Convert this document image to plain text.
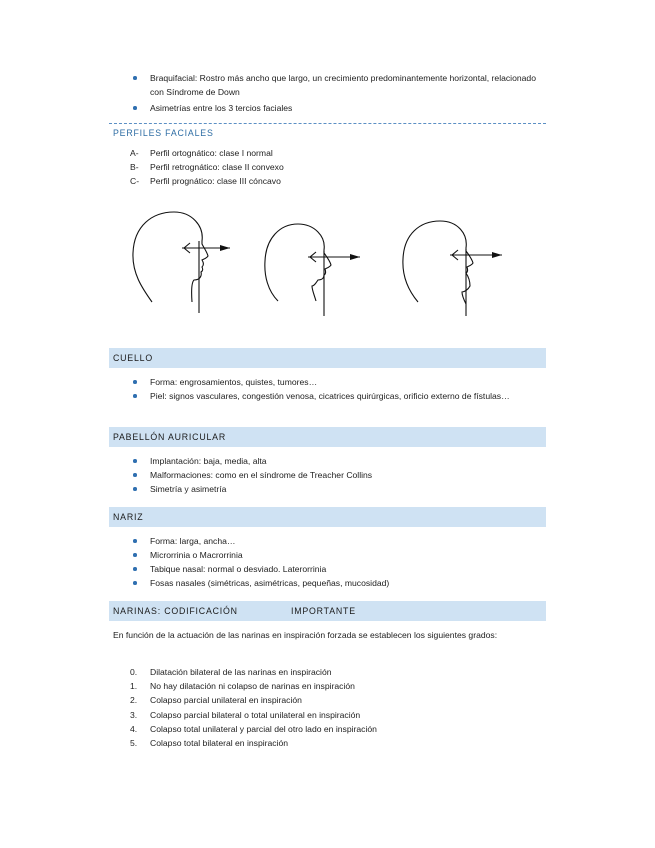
Braquifacial: Rostro más ancho que largo, un crecimiento predominantemente horizontal, relacionado con Síndrome de Down
Asimetrías entre los 3 tercios faciales
PERFILES FACIALES
A- Perfil ortognático: clase I normal
B- Perfil retrognático: clase II convexo
C- Perfil prognático: clase III cóncavo
CUELLO
Forma: engrosamientos, quistes, tumores…
Piel: signos vasculares, congestión venosa, cicatrices quirúrgicas, orificio externo de fístulas…
PABELLÓN AURICULAR
Implantación: baja, media, alta
Malformaciones: como en el síndrome de Treacher Collins
Simetría y asimetría
NARIZ
Forma: larga, ancha…
Microrrinia o Macrorrinia
Tabique nasal: normal o desviado. Laterorrinia
Fosas nasales (simétricas, asimétricas, pequeñas, mucosidad)
NARINAS: CODIFICACIÓN	IMPORTANTE
En función de la actuación de las narinas en inspiración forzada se establecen los siguientes grados:
0. Dilatación bilateral de las narinas en inspiración
1. No hay dilatación ni colapso de narinas en inspiración
2. Colapso parcial unilateral en inspiración
3. Colapso parcial bilateral o total unilateral en inspiración
4. Colapso total unilateral y parcial del otro lado en inspiración
5. Colapso total bilateral en inspiración
